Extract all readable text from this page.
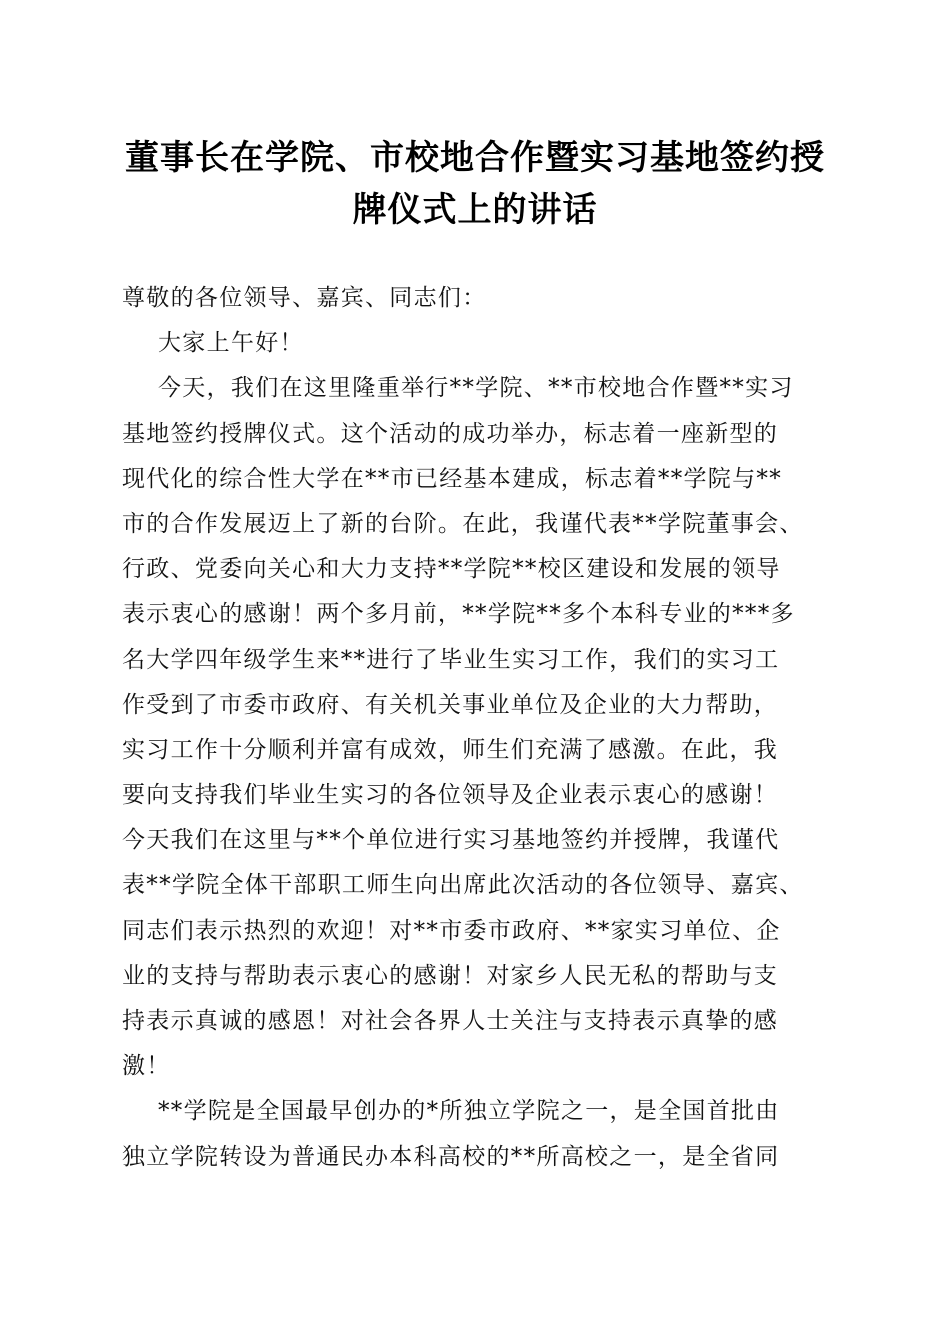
董事长在学院、市校地合作暨实习基地签约授
牌仪式上的讲话
尊敬的各位领导、嘉宾、同志们：
大家上午好！
今天，我们在这里隆重举行**学院、**市校地合作暨**实习
基地签约授牌仪式。这个活动的成功举办，标志着一座新型的
现代化的综合性大学在**市已经基本建成，标志着**学院与**
市的合作发展迈上了新的台阶。在此，我谨代表**学院董事会、
行政、党委向关心和大力支持**学院**校区建设和发展的领导
表示衷心的感谢！两个多月前，**学院**多个本科专业的***多
名大学四年级学生来**进行了毕业生实习工作，我们的实习工
作受到了市委市政府、有关机关事业单位及企业的大力帮助，
实习工作十分顺利并富有成效，师生们充满了感激。在此，我
要向支持我们毕业生实习的各位领导及企业表示衷心的感谢！
今天我们在这里与**个单位进行实习基地签约并授牌，我谨代
表**学院全体干部职工师生向出席此次活动的各位领导、嘉宾、
同志们表示热烈的欢迎！对**市委市政府、**家实习单位、企
业的支持与帮助表示衷心的感谢！对家乡人民无私的帮助与支
持表示真诚的感恩！对社会各界人士关注与支持表示真挚的感
激！
**学院是全国最早创办的*所独立学院之一，是全国首批由
独立学院转设为普通民办本科高校的**所高校之一，是全省同
